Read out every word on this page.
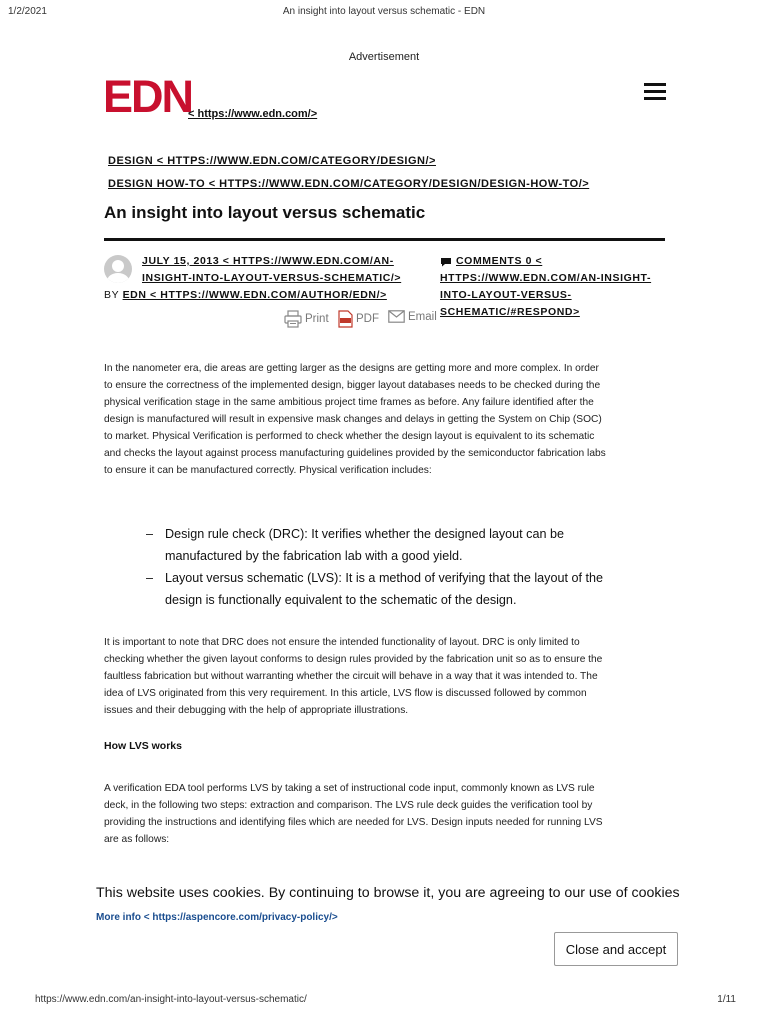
1/2/2021	An insight into layout versus schematic - EDN
Advertisement
EDN
< https://www.edn.com/>
DESIGN < HTTPS://WWW.EDN.COM/CATEGORY/DESIGN/>
DESIGN HOW-TO < HTTPS://WWW.EDN.COM/CATEGORY/DESIGN/DESIGN-HOW-TO/>
An insight into layout versus schematic
JULY 15, 2013 < HTTPS://WWW.EDN.COM/AN-
INSIGHT-INTO-LAYOUT-VERSUS-SCHEMATIC/>
BY EDN < HTTPS://WWW.EDN.COM/AUTHOR/EDN/>
COMMENTS 0 <
HTTPS://WWW.EDN.COM/AN-INSIGHT-
INTO-LAYOUT-VERSUS-
SCHEMATIC/#RESPOND>
Print PDF	Email
In the nanometer era, die areas are getting larger as the designs are getting more and more complex. In order to ensure the correctness of the implemented design, bigger layout databases needs to be checked during the physical verification stage in the same ambitious project time frames as before. Any failure identified after the design is manufactured will result in expensive mask changes and delays in getting the System on Chip (SOC) to market. Physical Verification is performed to check whether the design layout is equivalent to its schematic and checks the layout against process manufacturing guidelines provided by the semiconductor fabrication labs to ensure it can be manufactured correctly. Physical verification includes:
– Design rule check (DRC): It verifies whether the designed layout can be manufactured by the fabrication lab with a good yield.
– Layout versus schematic (LVS): It is a method of verifying that the layout of the design is functionally equivalent to the schematic of the design.
It is important to note that DRC does not ensure the intended functionality of layout. DRC is only limited to checking whether the given layout conforms to design rules provided by the fabrication unit so as to ensure the faultless fabrication but without warranting whether the circuit will behave in a way that it was intended to. The idea of LVS originated from this very requirement. In this article, LVS flow is discussed followed by common issues and their debugging with the help of appropriate illustrations.
How LVS works
A verification EDA tool performs LVS by taking a set of instructional code input, commonly known as LVS rule deck, in the following two steps: extraction and comparison. The LVS rule deck guides the verification tool by providing the instructions and identifying files which are needed for LVS. Design inputs needed for running LVS are as follows:
This website uses cookies. By continuing to browse it, you are agreeing to our use of cookies More info < https://aspencore.com/privacy-policy/>
Close and accept
https://www.edn.com/an-insight-into-layout-versus-schematic/	1/11
